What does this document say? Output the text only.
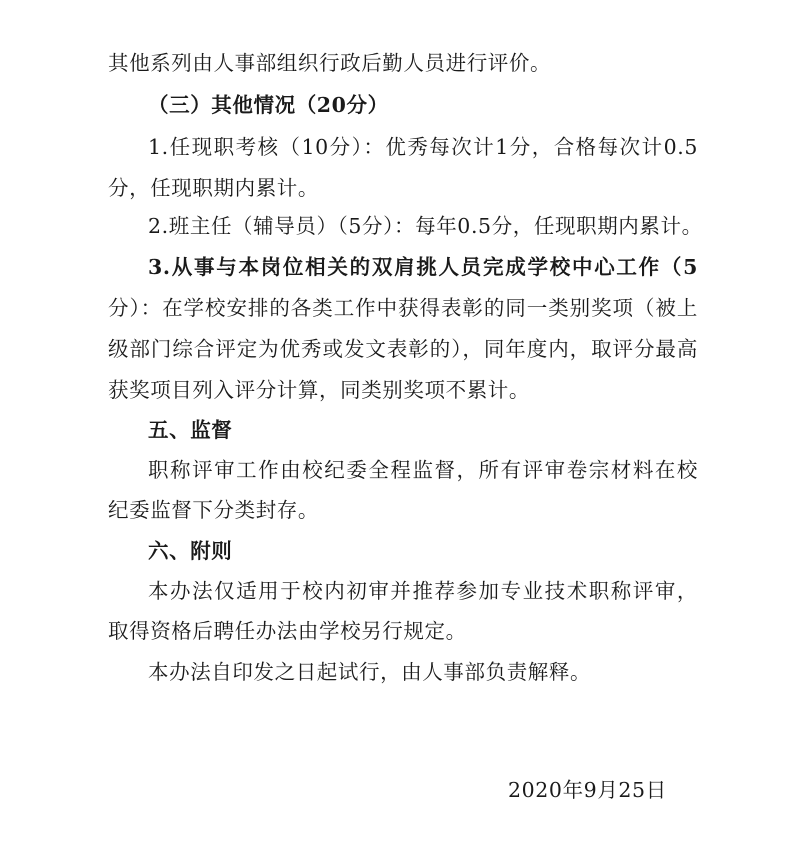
其他系列由人事部组织行政后勤人员进行评价。
（三）其他情况（20分）
1.任现职考核（10分）：优秀每次计1分，合格每次计0.5
分，任现职期内累计。
2.班主任（辅导员）（5分）：每年0.5分，任现职期内累计。
3.从事与本岗位相关的双肩挑人员完成学校中心工作（5
分）：在学校安排的各类工作中获得表彰的同一类别奖项（被上
级部门综合评定为优秀或发文表彰的），同年度内，取评分最高
获奖项目列入评分计算，同类别奖项不累计。
五、监督
职称评审工作由校纪委全程监督，所有评审卷宗材料在校
纪委监督下分类封存。
六、附则
本办法仅适用于校内初审并推荐参加专业技术职称评审，
取得资格后聘任办法由学校另行规定。
本办法自印发之日起试行，由人事部负责解释。
2020年9月25日
